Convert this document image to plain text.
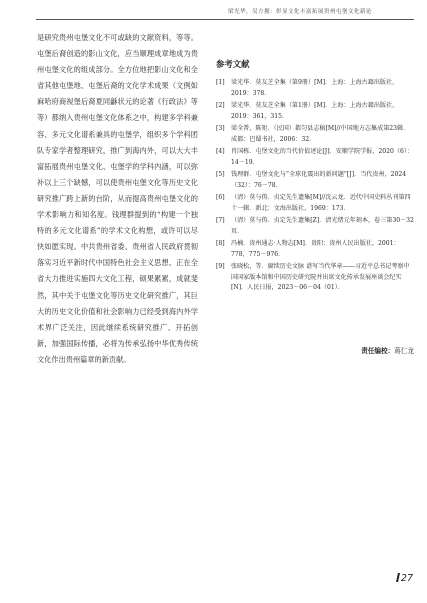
梁光华，吴方拥：彰显文化丰富拓展贵州屯堡文化新论

是研究贵州屯堡文化不可或缺的文献资料，等等。屯堡后裔创造的影山文化，应当顺理成章地成为贵州屯堡文化的组成部分。全方位地把影山文化和全省其他屯堡地、屯堡后裔的文化学术成果（文例如麻哈府商视堡后裔夏同龢状元的论著《行政法》等等）都纳入贵州屯堡文化体系之中，构建多学科兼容、多元文化谱系兼具的屯堡学，组织多个学科团队专家学者整理研究，推广到海内外，可以大大丰富拓展贵州屯堡文化、屯堡学的学科内涵，可以弥补以上三个缺憾，可以使贵州屯堡文化等历史文化研究推广跨上新的台阶，从而提高贵州屯堡文化的学术影响力和知名度。钱理群提到的“构建一个独特的多元文化谱系”的学术文化构想，或许可以尽快如愿实现。中共贵州省委、贵州省人民政府贯彻落实习近平新时代中国特色社会主义思想，正在全省大力推进实施四大文化工程，硕果累累，成就斐然，其中关于屯堡文化等历史文化研究推广，其巨大的历史文化价值和社会影响力已经受到海内外学术界广泛关注，因此继续系统研究推广、开拓创新，加强国际传播，必将为传承弘扬中华优秀传统文化作出贵州篇章的新贡献。

参考文献
[1]	梁光华．莫友芝全集（第9册）[M]．上海：上海古籍出版社，2019：378．
[2]	梁光华．莫友芝全集（第1册）[M]．上海：上海古籍出版社，2019：361，315．
[3]	梁全普，陈矩．（民国）都匀县志稿[M]//中国地方志集成第23辑．成都：巴蜀书社，2006：32．
[4]	肖国栋．屯堡文化的当代价值述论[J]．安顺学院学报，2020（6）：14－19．
[5]	钱理群．屯堡文化与“全球化震出的新问题”[J]．当代贵州，2024（32）：76－78．
[6]	（清）莫与俦．贞定先生遗集[M]//沈云龙．近代中国史料丛刊第四十一辑．新北：文海出版社，1969：173．
[7]	（清）莫与俦．贞定先生遗集[Z]．清光绪元年刻本，卷三第30－32页．
[8]	冯楠．贵州通志·人物志[M]．贵阳：贵州人民出版社，2001：778，775－976．
[9]	张晓松，等．赓续历史文脉 谱写当代华章——习近平总书记考察中国国家版本馆和中国历史研究院并出席文化传承发展座谈会纪实[N]．人民日报，2023－06－04（01）．
责任编校：蒋仁龙
27
